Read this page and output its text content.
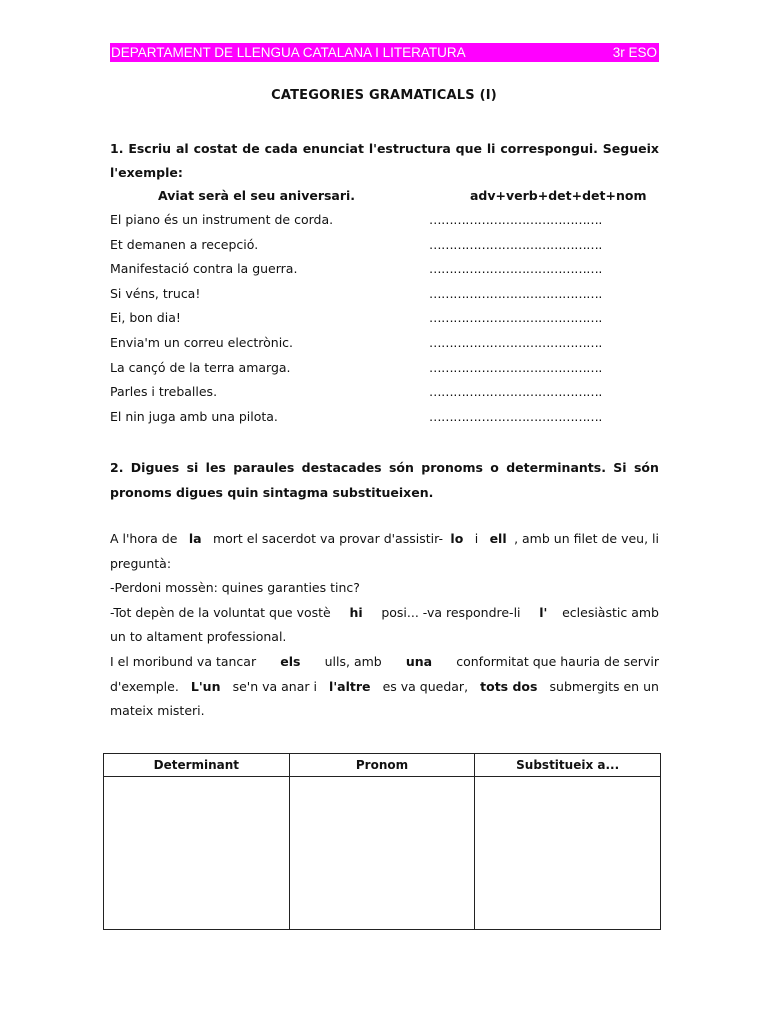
DEPARTAMENT DE LLENGUA CATALANA I LITERATURA	3r ESO
CATEGORIES GRAMATICALS (I)
1. Escriu al costat de cada enunciat l'estructura que li correspongui. Segueix
l'exemple:
Aviat serà el seu aniversari.	adv+verb+det+det+nom
El piano és un instrument de corda.	…………………………………….
Et demanen a recepció.	…………………………………….
Manifestació contra la guerra.	…………………………………….
Si véns, truca!	…………………………………….
Ei, bon dia!	…………………………………….
Envia'm un correu electrònic.	…………………………………….
La cançó de la terra amarga.	…………………………………….
Parles i treballes.	…………………………………….
El nin juga amb una pilota.	…………………………………….
2. Digues si les paraules destacades són pronoms o determinants. Si són
pronoms digues quin sintagma substitueixen.
A l'hora de la mort el sacerdot va provar d'assistir- lo i ell , amb un filet de veu, li
preguntà:
-Perdoni mossèn: quines garanties tinc?
-Tot depèn de la voluntat que vostè hi posi... -va respondre-li l' eclesiàstic amb
un to altament professional.
I el moribund va tancar els ulls, amb una conformitat que hauria de servir
d'exemple. L'un se'n va anar i l'altre es va quedar, tots dos submergits en un
mateix misteri.
Determinant	Pronom	Substitueix a...
